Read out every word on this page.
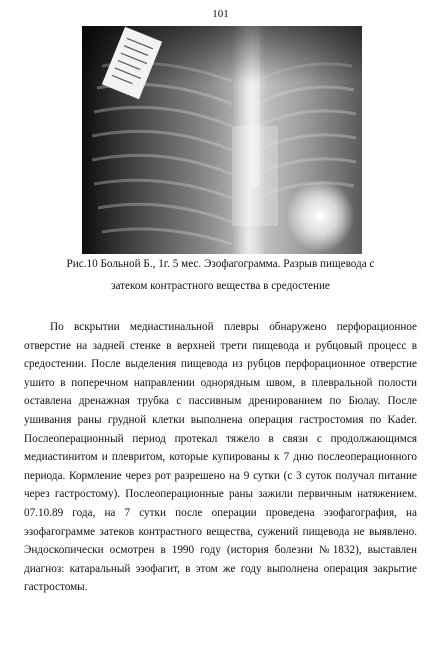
101
Рис.10 Больной Б., 1г. 5 мес. Эзофагограмма. Разрыв пищевода с
затеком контрастного вещества в средостение

По вскрытии медиастинальной плевры обнаружено перфорационное отверстие на задней стенке в верхней трети пищевода и рубцовый процесс в средостении. После выделения пищевода из рубцов перфорационное отверстие ушито в поперечном направлении однорядным швом, в плевральной полости оставлена дренажная трубка с пассивным дренированием по Бюлау. После ушивания раны грудной клетки выполнена операция гастростомия по Kader. Послеоперационный период протекал тяжело в связи с продолжающимся медиастинитом и плевритом, которые купированы к 7 дню послеоперационного периода. Кормление через рот разрешено на 9 сутки (с 3 суток получал питание через гастростому). Послеоперационные раны зажили первичным натяжением. 07.10.89 года, на 7 сутки после операции проведена эзофагография, на эзофагограмме затеков контрастного вещества, сужений пищевода не выявлено. Эндоскопически осмотрен в 1990 году (история болезни №1832), выставлен диагноз: катаральный эзофагит, в этом же году выполнена операция закрытие гастростомы.
